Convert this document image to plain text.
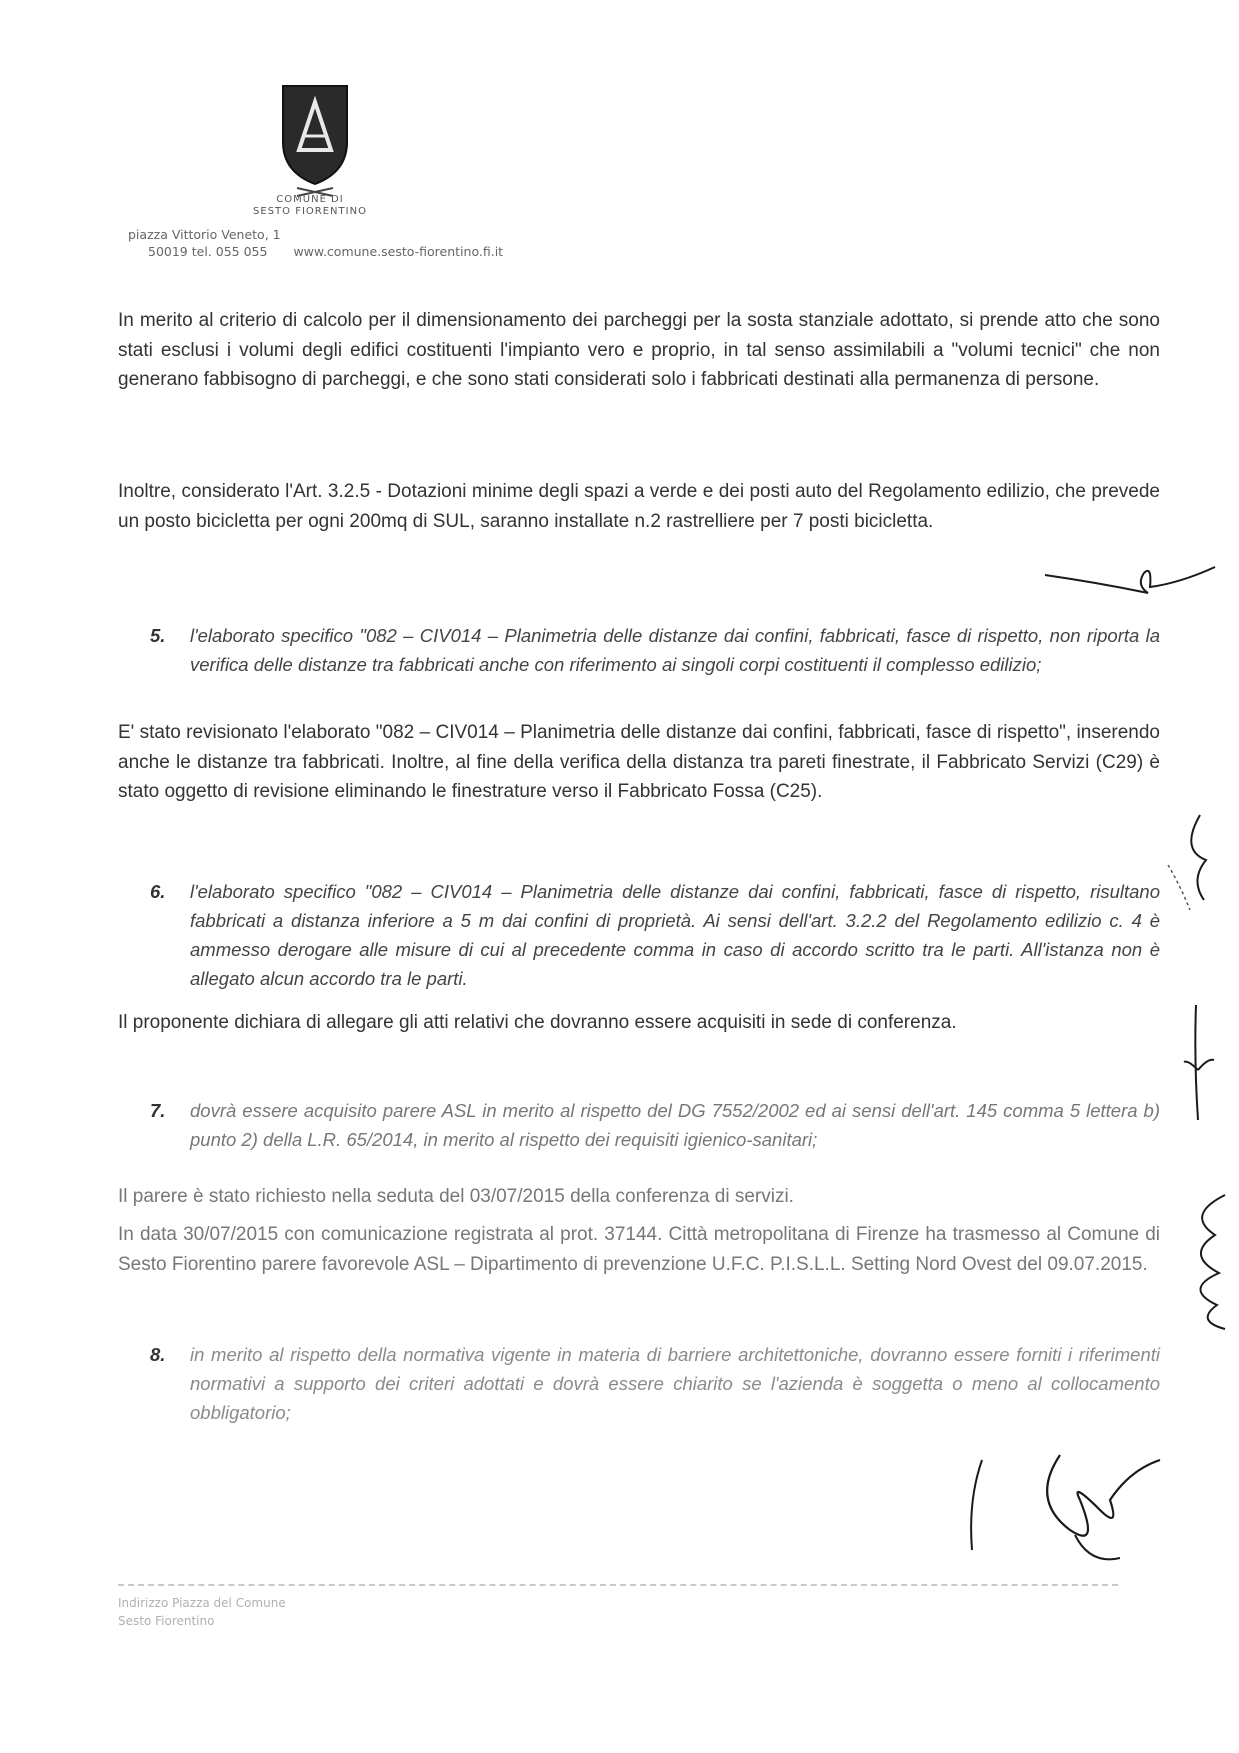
COMUNE DI
SESTO FIORENTINO
piazza Vittorio Veneto, 1
50019 tel. 055 055 www.comune.sesto-fiorentino.fi.it
In merito al criterio di calcolo per il dimensionamento dei parcheggi per la sosta stanziale adottato, si prende atto che sono stati esclusi i volumi degli edifici costituenti l'impianto vero e proprio, in tal senso assimilabili a "volumi tecnici" che non generano fabbisogno di parcheggi, e che sono stati considerati solo i fabbricati destinati alla permanenza di persone.
Inoltre, considerato l'Art. 3.2.5 - Dotazioni minime degli spazi a verde e dei posti auto del Regolamento edilizio, che prevede un posto bicicletta per ogni 200mq di SUL, saranno installate n.2 rastrelliere per 7 posti bicicletta.
5.	l'elaborato specifico "082 – CIV014 – Planimetria delle distanze dai confini, fabbricati, fasce di rispetto, non riporta la verifica delle distanze tra fabbricati anche con riferimento ai singoli corpi costituenti il complesso edilizio;
E' stato revisionato l'elaborato "082 – CIV014 – Planimetria delle distanze dai confini, fabbricati, fasce di rispetto", inserendo anche le distanze tra fabbricati. Inoltre, al fine della verifica della distanza tra pareti finestrate, il Fabbricato Servizi (C29) è stato oggetto di revisione eliminando le finestrature verso il Fabbricato Fossa (C25).
6.	l'elaborato specifico "082 – CIV014 – Planimetria delle distanze dai confini, fabbricati, fasce di rispetto, risultano fabbricati a distanza inferiore a 5 m dai confini di proprietà. Ai sensi dell'art. 3.2.2 del Regolamento edilizio c. 4 è ammesso derogare alle misure di cui al precedente comma in caso di accordo scritto tra le parti. All'istanza non è allegato alcun accordo tra le parti.
Il proponente dichiara di allegare gli atti relativi che dovranno essere acquisiti in sede di conferenza.
7.	dovrà essere acquisito parere ASL in merito al rispetto del DG 7552/2002 ed ai sensi dell'art. 145 comma 5 lettera b) punto 2) della L.R. 65/2014, in merito al rispetto dei requisiti igienico-sanitari;
Il parere è stato richiesto nella seduta del 03/07/2015 della conferenza di servizi.
In data 30/07/2015 con comunicazione registrata al prot. 37144. Città metropolitana di Firenze ha trasmesso al Comune di Sesto Fiorentino parere favorevole ASL – Dipartimento di prevenzione U.F.C. P.I.S.L.L. Setting Nord Ovest del 09.07.2015.
8.	in merito al rispetto della normativa vigente in materia di barriere architettoniche, dovranno essere forniti i riferimenti normativi a supporto dei criteri adottati e dovrà essere chiarito se l'azienda è soggetta o meno al collocamento obbligatorio;
Indirizzo Piazza del Comune
Sesto Fiorentino
